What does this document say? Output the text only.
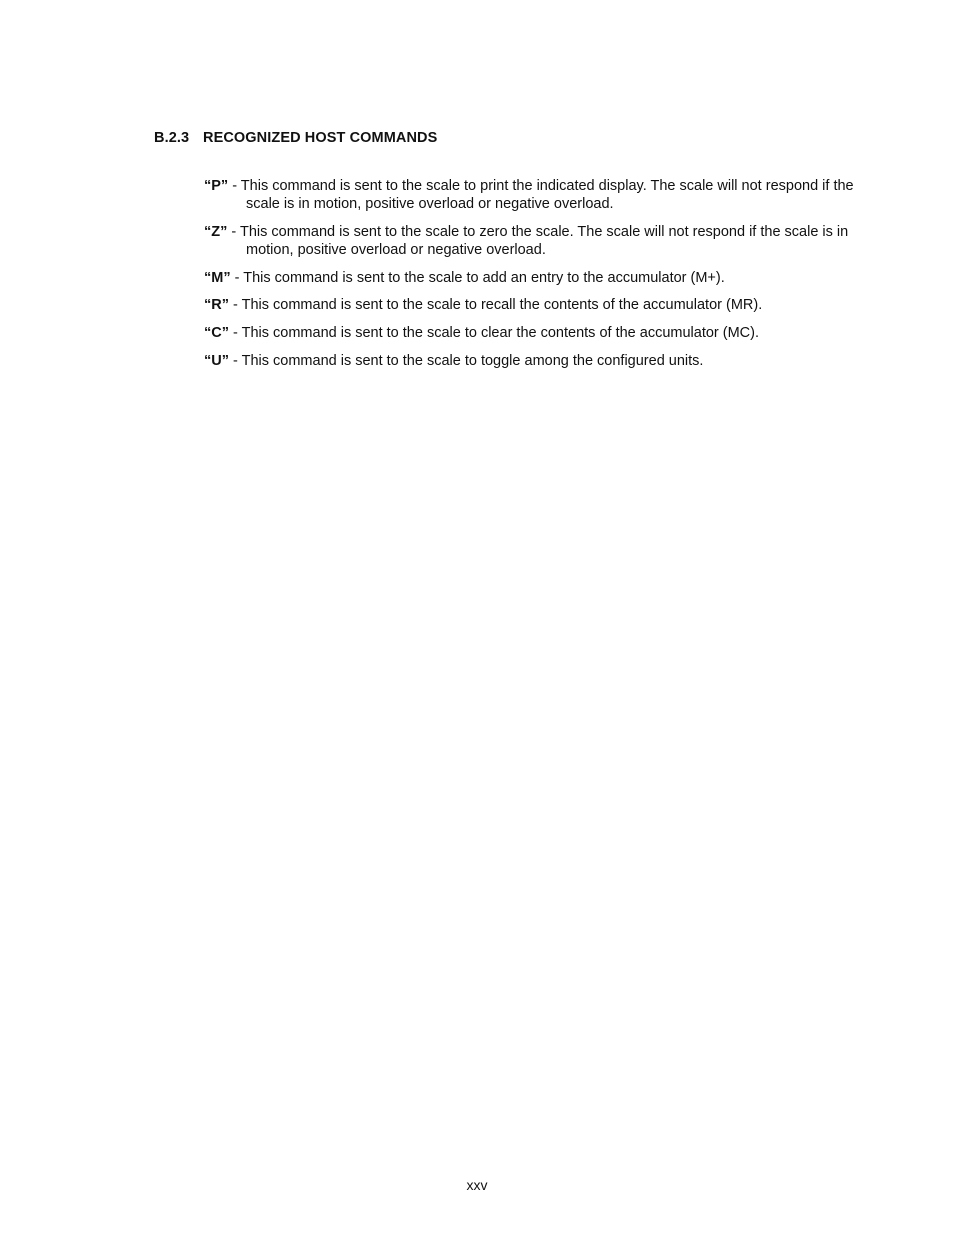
B.2.3 RECOGNIZED HOST COMMANDS
“P” - This command is sent to the scale to print the indicated display. The scale will not respond if the scale is in motion, positive overload or negative overload.
“Z” - This command is sent to the scale to zero the scale. The scale will not respond if the scale is in motion, positive overload or negative overload.
“M” - This command is sent to the scale to add an entry to the accumulator (M+).
“R” - This command is sent to the scale to recall the contents of the accumulator (MR).
“C” - This command is sent to the scale to clear the contents of the accumulator (MC).
“U” - This command is sent to the scale to toggle among the configured units.
xxv
